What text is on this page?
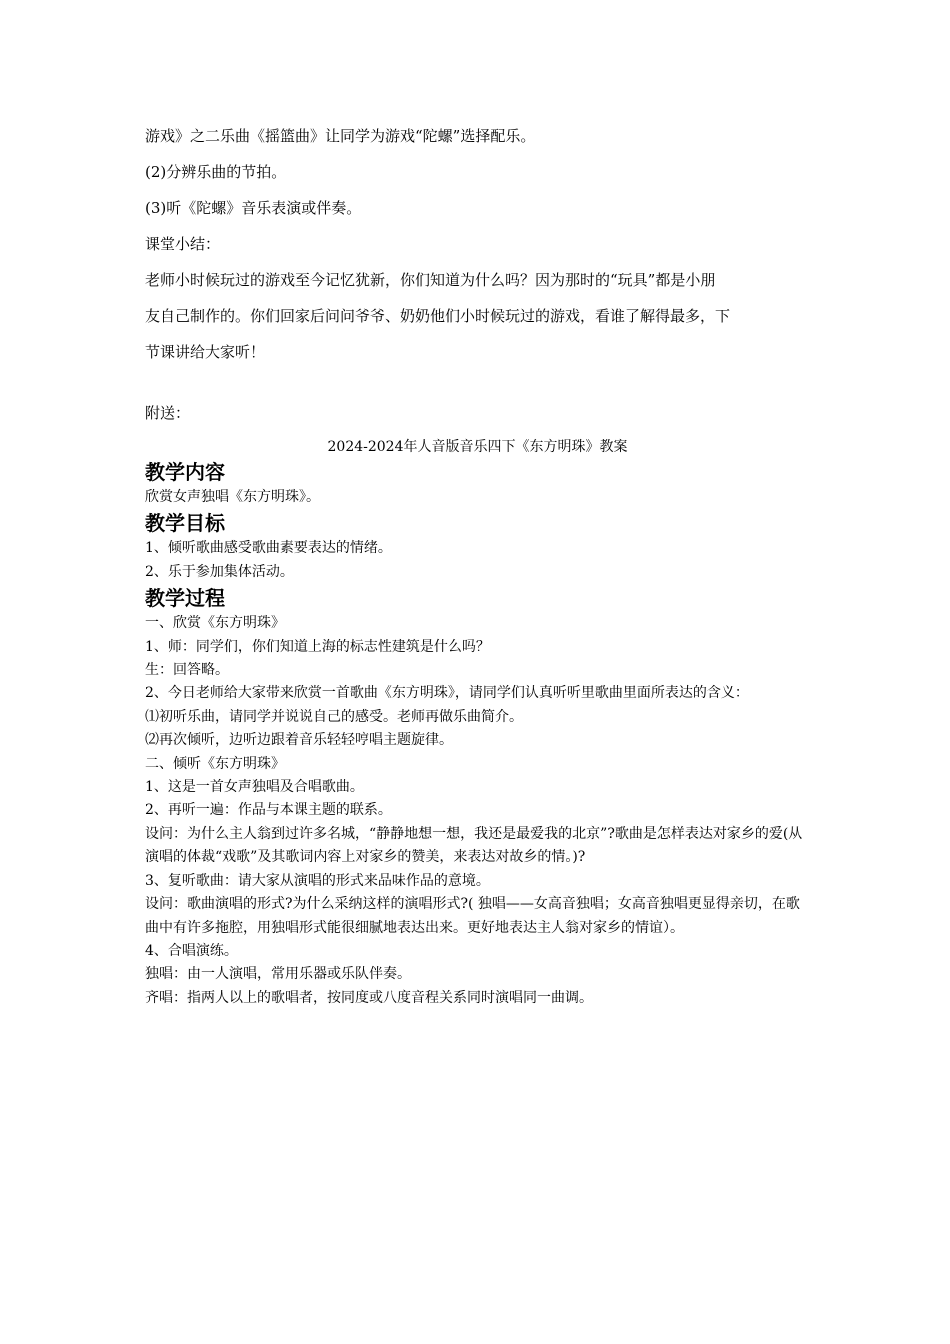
游戏》之二乐曲《摇篮曲》让同学为游戏“陀螺”选择配乐。

(2)分辨乐曲的节拍。

(3)听《陀螺》音乐表演或伴奏。

课堂小结：

老师小时候玩过的游戏至今记忆犹新，你们知道为什么吗？因为那时的“玩具”都是小朋

友自己制作的。你们回家后问问爷爷、奶奶他们小时候玩过的游戏，看谁了解得最多，下

节课讲给大家听！

附送：
2024-2024年人音版音乐四下《东方明珠》教案
教学内容

欣赏女声独唱《东方明珠》。

教学目标

1、倾听歌曲感受歌曲素要表达的情绪。

2、乐于参加集体活动。

教学过程

一、欣赏《东方明珠》

1、师：同学们，你们知道上海的标志性建筑是什么吗？

生：回答略。

2、今日老师给大家带来欣赏一首歌曲《东方明珠》，请同学们认真听听里歌曲里面所表达的含义：

⑴初听乐曲，请同学并说说自己的感受。老师再做乐曲简介。

⑵再次倾听，边听边跟着音乐轻轻哼唱主题旋律。

二、倾听《东方明珠》

1、这是一首女声独唱及合唱歌曲。

2、再听一遍：作品与本课主题的联系。

设问：为什么主人翁到过许多名城，“静静地想一想，我还是最爱我的北京”?歌曲是怎样表达对家乡的爱(从演唱的体裁“戏歌”及其歌词内容上对家乡的赞美，来表达对故乡的情。)?

3、复听歌曲：请大家从演唱的形式来品味作品的意境。

设问：歌曲演唱的形式?为什么采纳这样的演唱形式?( 独唱——女高音独唱；女高音独唱更显得亲切，在歌曲中有许多拖腔，用独唱形式能很细腻地表达出来。更好地表达主人翁对家乡的情谊）。

4、合唱演练。

独唱：由一人演唱，常用乐器或乐队伴奏。

齐唱：指两人以上的歌唱者，按同度或八度音程关系同时演唱同一曲调。
